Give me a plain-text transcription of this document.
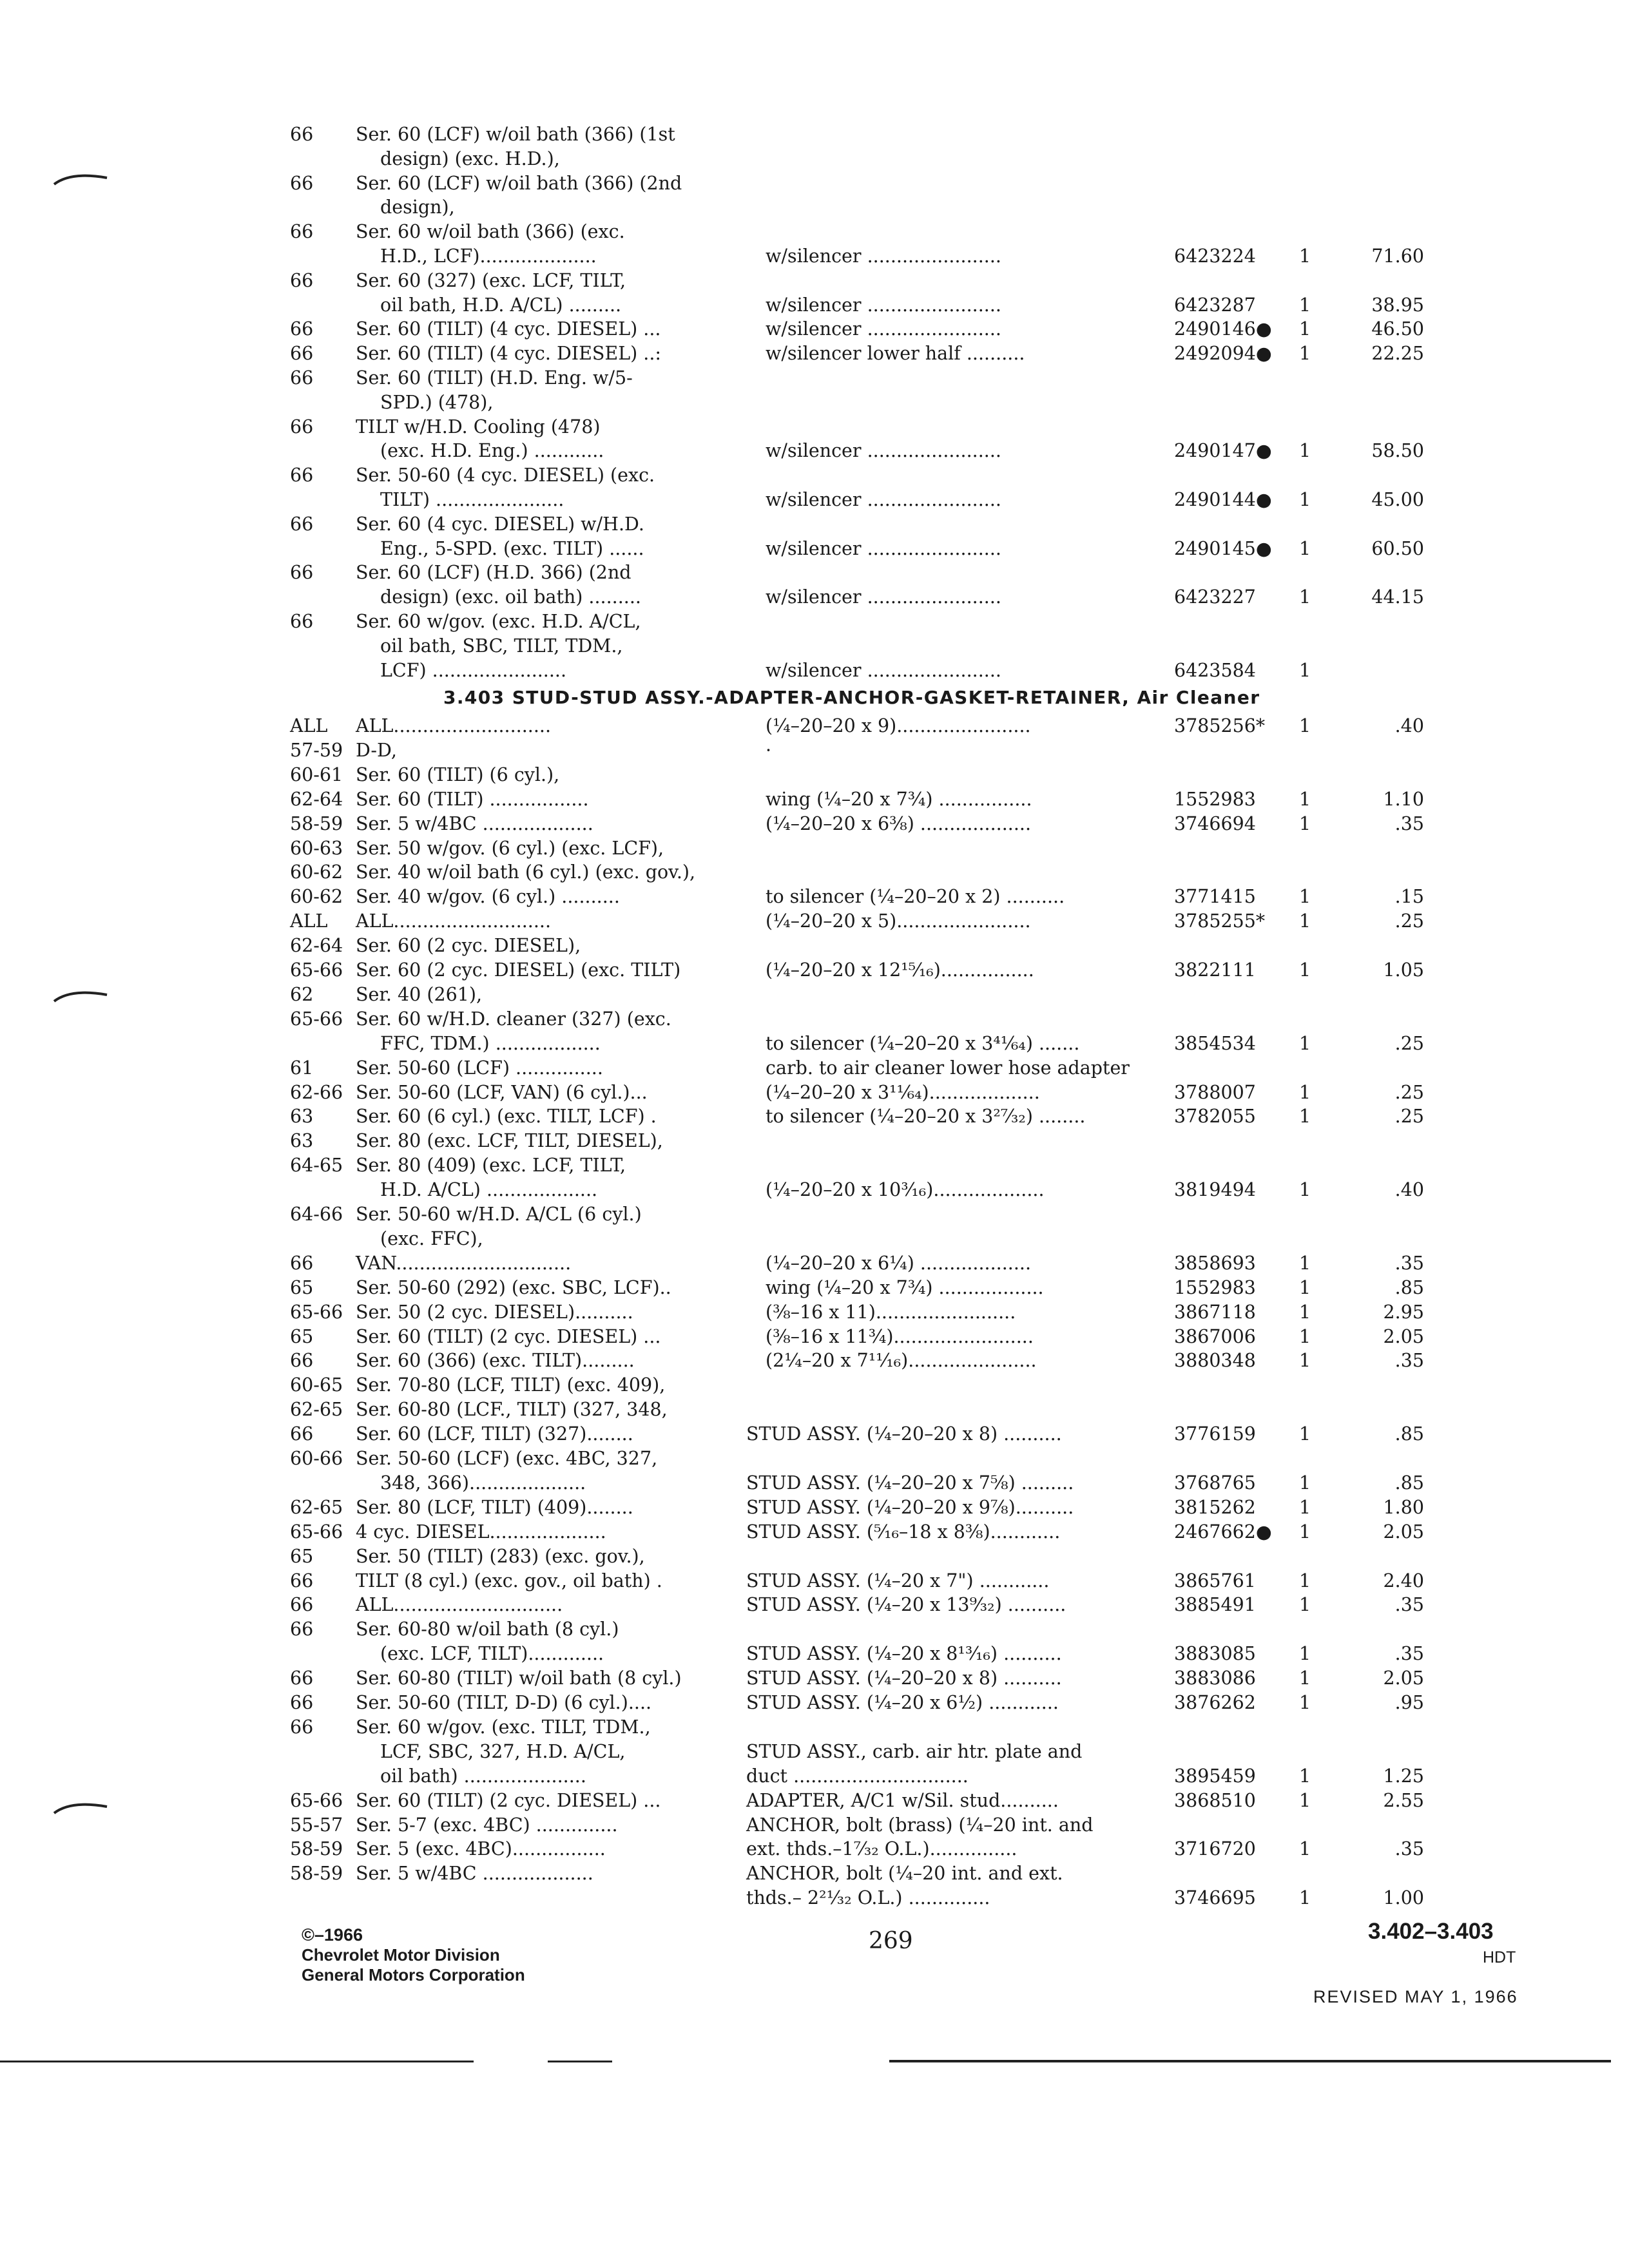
66 Ser. 60 (LCF) w/oil bath (366) (1st
design) (exc. H.D.),
66 Ser. 60 (LCF) w/oil bath (366) (2nd
design),
66 Ser. 60 w/oil bath (366) (exc.
H.D., LCF)....................	w/silencer .......................	6423224 1	71.60
66 Ser. 60 (327) (exc. LCF, TILT,
oil bath, H.D. A/CL) .........	w/silencer .......................	6423287 1	38.95
66 Ser. 60 (TILT) (4 cyc. DIESEL) ...	w/silencer .......................	2490146● 1	46.50
66 Ser. 60 (TILT) (4 cyc. DIESEL) ..:	w/silencer lower half ..........	2492094● 1	22.25
66 Ser. 60 (TILT) (H.D. Eng. w/5-
SPD.) (478),
66 TILT w/H.D. Cooling (478)
(exc. H.D. Eng.) ............	w/silencer .......................	2490147● 1	58.50
66 Ser. 50-60 (4 cyc. DIESEL) (exc.
TILT) ......................	w/silencer .......................	2490144● 1	45.00
66 Ser. 60 (4 cyc. DIESEL) w/H.D.
Eng., 5-SPD. (exc. TILT) ......	w/silencer .......................	2490145● 1	60.50
66 Ser. 60 (LCF) (H.D. 366) (2nd
design) (exc. oil bath) .........	w/silencer .......................	6423227 1	44.15
66 Ser. 60 w/gov. (exc. H.D. A/CL,
oil bath, SBC, TILT, TDM.,
LCF) .......................	w/silencer .......................	6423584 1
3.403 STUD-STUD ASSY.-ADAPTER-ANCHOR-GASKET-RETAINER, Air Cleaner
ALL ALL...........................	(¼–20–20 x 9).......................	3785256* 1	.40
57-59 D-D,	·
60-61 Ser. 60 (TILT) (6 cyl.),
62-64 Ser. 60 (TILT) .................	wing (¼–20 x 7¾) ................	1552983 1	1.10
58-59 Ser. 5 w/4BC ...................	(¼–20–20 x 6⅜) ...................	3746694 1	.35
60-63 Ser. 50 w/gov. (6 cyl.) (exc. LCF),
60-62 Ser. 40 w/oil bath (6 cyl.) (exc. gov.),
60-62 Ser. 40 w/gov. (6 cyl.) ..........	to silencer (¼–20–20 x 2) ..........	3771415 1	.15
ALL ALL...........................	(¼–20–20 x 5).......................	3785255* 1	.25
62-64 Ser. 60 (2 cyc. DIESEL),
65-66 Ser. 60 (2 cyc. DIESEL) (exc. TILT)	(¼–20–20 x 12¹⁵⁄₁₆)................	3822111 1	1.05
62 Ser. 40 (261),
65-66 Ser. 60 w/H.D. cleaner (327) (exc.
FFC, TDM.) ..................	to silencer (¼–20–20 x 3⁴¹⁄₆₄) .......	3854534 1	.25
61 Ser. 50-60 (LCF) ...............	carb. to air cleaner lower hose adapter
62-66 Ser. 50-60 (LCF, VAN) (6 cyl.)...	(¼–20–20 x 3¹¹⁄₆₄)...................	3788007 1	.25
63 Ser. 60 (6 cyl.) (exc. TILT, LCF) .	to silencer (¼–20–20 x 3²⁷⁄₃₂) ........	3782055 1	.25
63 Ser. 80 (exc. LCF, TILT, DIESEL),
64-65 Ser. 80 (409) (exc. LCF, TILT,
H.D. A/CL) ...................	(¼–20–20 x 10³⁄₁₆)...................	3819494 1	.40
64-66 Ser. 50-60 w/H.D. A/CL (6 cyl.)
(exc. FFC),
66 VAN..............................	(¼–20–20 x 6¼) ...................	3858693 1	.35
65 Ser. 50-60 (292) (exc. SBC, LCF)..	wing (¼–20 x 7¾) ..................	1552983 1	.85
65-66 Ser. 50 (2 cyc. DIESEL)..........	(⅜–16 x 11)........................	3867118 1	2.95
65 Ser. 60 (TILT) (2 cyc. DIESEL) ...	(⅜–16 x 11¾)........................	3867006 1	2.05
66 Ser. 60 (366) (exc. TILT).........	(2¼–20 x 7¹¹⁄₁₆)......................	3880348 1	.35
60-65 Ser. 70-80 (LCF, TILT) (exc. 409),
62-65 Ser. 60-80 (LCF., TILT) (327, 348,
66 Ser. 60 (LCF, TILT) (327)........	STUD ASSY. (¼–20–20 x 8) ..........	3776159 1	.85
60-66 Ser. 50-60 (LCF) (exc. 4BC, 327,
348, 366)....................	STUD ASSY. (¼–20–20 x 7⅝) .........	3768765 1	.85
62-65 Ser. 80 (LCF, TILT) (409)........	STUD ASSY. (¼–20–20 x 9⅞)..........	3815262 1	1.80
65-66 4 cyc. DIESEL....................	STUD ASSY. (⁵⁄₁₆–18 x 8⅜)............	2467662● 1	2.05
65 Ser. 50 (TILT) (283) (exc. gov.),
66 TILT (8 cyl.) (exc. gov., oil bath) .	STUD ASSY. (¼–20 x 7") ............	3865761 1	2.40
66 ALL.............................	STUD ASSY. (¼–20 x 13⁹⁄₃₂) ..........	3885491 1	.35
66 Ser. 60-80 w/oil bath (8 cyl.)
(exc. LCF, TILT).............	STUD ASSY. (¼–20 x 8¹³⁄₁₆) ..........	3883085 1	.35
66 Ser. 60-80 (TILT) w/oil bath (8 cyl.)	STUD ASSY. (¼–20–20 x 8) ..........	3883086 1	2.05
66 Ser. 50-60 (TILT, D-D) (6 cyl.)....	STUD ASSY. (¼–20 x 6½) ............	3876262 1	.95
66 Ser. 60 w/gov. (exc. TILT, TDM.,
LCF, SBC, 327, H.D. A/CL,	STUD ASSY., carb. air htr. plate and
oil bath) .....................	duct ..............................	3895459 1	1.25
65-66 Ser. 60 (TILT) (2 cyc. DIESEL) ...	ADAPTER, A/C1 w/Sil. stud..........	3868510 1	2.55
55-57 Ser. 5-7 (exc. 4BC) ..............	ANCHOR, bolt (brass) (¼–20 int. and
58-59 Ser. 5 (exc. 4BC)................	ext. thds.–1⁷⁄₃₂ O.L.)...............	3716720 1	.35
58-59 Ser. 5 w/4BC ...................	ANCHOR, bolt (¼–20 int. and ext.
thds.– 2²¹⁄₃₂ O.L.) ..............	3746695 1	1.00
©–1966
Chevrolet Motor Division
General Motors Corporation
269	3.402–3.403
HDT
REVISED MAY 1, 1966
